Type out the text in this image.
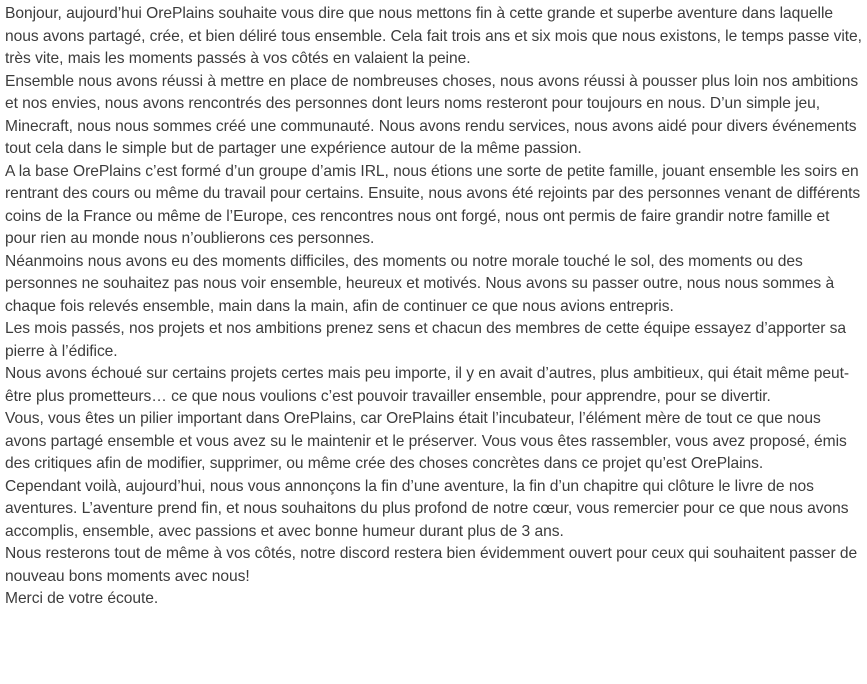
Bonjour, aujourd’hui OrePlains souhaite vous dire que nous mettons fin à cette grande et superbe aventure dans laquelle nous avons partagé, crée, et bien déliré tous ensemble. Cela fait trois ans et six mois que nous existons, le temps passe vite, très vite, mais les moments passés à vos côtés en valaient la peine.

Ensemble nous avons réussi à mettre en place de nombreuses choses, nous avons réussi à pousser plus loin nos ambitions et nos envies, nous avons rencontrés des personnes dont leurs noms resteront pour toujours en nous. D’un simple jeu, Minecraft, nous nous sommes créé une communauté. Nous avons rendu services, nous avons aidé pour divers événements tout cela dans le simple but de partager une expérience autour de la même passion.

A la base OrePlains c’est formé d’un groupe d’amis IRL, nous étions une sorte de petite famille, jouant ensemble les soirs en rentrant des cours ou même du travail pour certains. Ensuite, nous avons été rejoints par des personnes venant de différents coins de la France ou même de l’Europe, ces rencontres nous ont forgé, nous ont permis de faire grandir notre famille et pour rien au monde nous n’oublierons ces personnes.

Néanmoins nous avons eu des moments difficiles, des moments ou notre morale touché le sol, des moments ou des personnes ne souhaitez pas nous voir ensemble, heureux et motivés. Nous avons su passer outre, nous nous sommes à chaque fois relevés ensemble, main dans la main, afin de continuer ce que nous avions entrepris.

Les mois passés, nos projets et nos ambitions prenez sens et chacun des membres de cette équipe essayez d’apporter sa pierre à l’édifice.

Nous avons échoué sur certains projets certes mais peu importe, il y en avait d’autres, plus ambitieux, qui était même peut-être plus prometteurs… ce que nous voulions c’est pouvoir travailler ensemble, pour apprendre, pour se divertir.

Vous, vous êtes un pilier important dans OrePlains, car OrePlains était l’incubateur, l’élément mère de tout ce que nous avons partagé ensemble et vous avez su le maintenir et le préserver. Vous vous êtes rassembler, vous avez proposé, émis des critiques afin de modifier, supprimer, ou même crée des choses concrètes dans ce projet qu’est OrePlains.

Cependant voilà, aujourd’hui, nous vous annonçons la fin d’une aventure, la fin d’un chapitre qui clôture le livre de nos aventures. L’aventure prend fin, et nous souhaitons du plus profond de notre cœur, vous remercier pour ce que nous avons accomplis, ensemble, avec passions et avec bonne humeur durant plus de 3 ans.

Nous resterons tout de même à vos côtés, notre discord restera bien évidemment ouvert pour ceux qui souhaitent passer de nouveau bons moments avec nous!

Merci de votre écoute.
